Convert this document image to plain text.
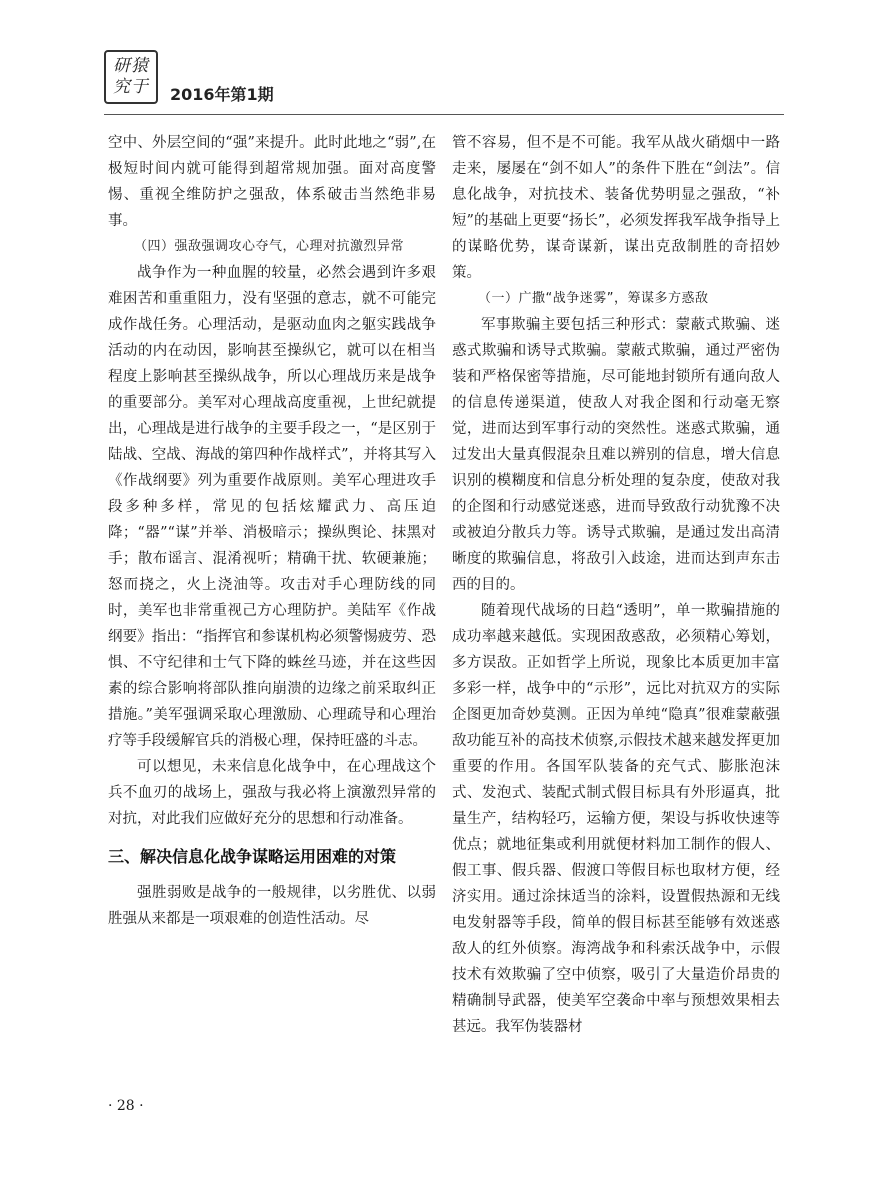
研猿
究于 2016年第1期

空中、外层空间的“强”来提升。此时此地之“弱”,在极短时间内就可能得到超常规加强。面对高度警惕、重视全维防护之强敌，体系破击当然绝非易事。

（四）强敌强调攻心夺气，心理对抗激烈异常

战争作为一种血腥的较量，必然会遇到许多艰难困苦和重重阻力，没有坚强的意志，就不可能完成作战任务。心理活动，是驱动血肉之躯实践战争活动的内在动因，影响甚至操纵它，就可以在相当程度上影响甚至操纵战争，所以心理战历来是战争的重要部分。美军对心理战高度重视，上世纪就提出，心理战是进行战争的主要手段之一，“是区别于陆战、空战、海战的第四种作战样式”，并将其写入《作战纲要》列为重要作战原则。美军心理进攻手段多种多样，常见的包括炫耀武力、高压迫降；“器”“谋”并举、消极暗示；操纵舆论、抹黑对手；散布谣言、混淆视听；精确干扰、软硬兼施；怒而挠之，火上浇油等。攻击对手心理防线的同时，美军也非常重视己方心理防护。美陆军《作战纲要》指出：“指挥官和参谋机构必须警惕疲劳、恐惧、不守纪律和士气下降的蛛丝马迹，并在这些因素的综合影响将部队推向崩溃的边缘之前采取纠正措施。”美军强调采取心理激励、心理疏导和心理治疗等手段缓解官兵的消极心理，保持旺盛的斗志。

可以想见，未来信息化战争中，在心理战这个兵不血刃的战场上，强敌与我必将上演激烈异常的对抗，对此我们应做好充分的思想和行动准备。

三、解决信息化战争谋略运用困难的对策

强胜弱败是战争的一般规律，以劣胜优、以弱胜强从来都是一项艰难的创造性活动。尽

管不容易，但不是不可能。我军从战火硝烟中一路走来，屡屡在“剑不如人”的条件下胜在“剑法”。信息化战争，对抗技术、装备优势明显之强敌，“补短”的基础上更要“扬长”，必须发挥我军战争指导上的谋略优势，谋奇谋新，谋出克敌制胜的奇招妙策。

（一）广撒“战争迷雾”，筹谋多方惑敌

军事欺骗主要包括三种形式：蒙蔽式欺骗、迷惑式欺骗和诱导式欺骗。蒙蔽式欺骗，通过严密伪装和严格保密等措施，尽可能地封锁所有通向敌人的信息传递渠道，使敌人对我企图和行动毫无察觉，进而达到军事行动的突然性。迷惑式欺骗，通过发出大量真假混杂且难以辨别的信息，增大信息识别的模糊度和信息分析处理的复杂度，使敌对我的企图和行动感觉迷惑，进而导致敌行动犹豫不决或被迫分散兵力等。诱导式欺骗，是通过发出高清晰度的欺骗信息，将敌引入歧途，进而达到声东击西的目的。

随着现代战场的日趋“透明”，单一欺骗措施的成功率越来越低。实现困敌惑敌，必须精心筹划，多方误敌。正如哲学上所说，现象比本质更加丰富多彩一样，战争中的“示形”，远比对抗双方的实际企图更加奇妙莫测。正因为单纯“隐真”很难蒙蔽强敌功能互补的高技术侦察,示假技术越来越发挥更加重要的作用。各国军队装备的充气式、膨胀泡沫式、发泡式、装配式制式假目标具有外形逼真，批量生产，结构轻巧，运输方便，架设与拆收快速等优点；就地征集或利用就便材料加工制作的假人、假工事、假兵器、假渡口等假目标也取材方便，经济实用。通过涂抹适当的涂料，设置假热源和无线电发射器等手段，简单的假目标甚至能够有效迷惑敌人的红外侦察。海湾战争和科索沃战争中，示假技术有效欺骗了空中侦察，吸引了大量造价昂贵的精确制导武器，使美军空袭命中率与预想效果相去甚远。我军伪装器材

· 28 ·
